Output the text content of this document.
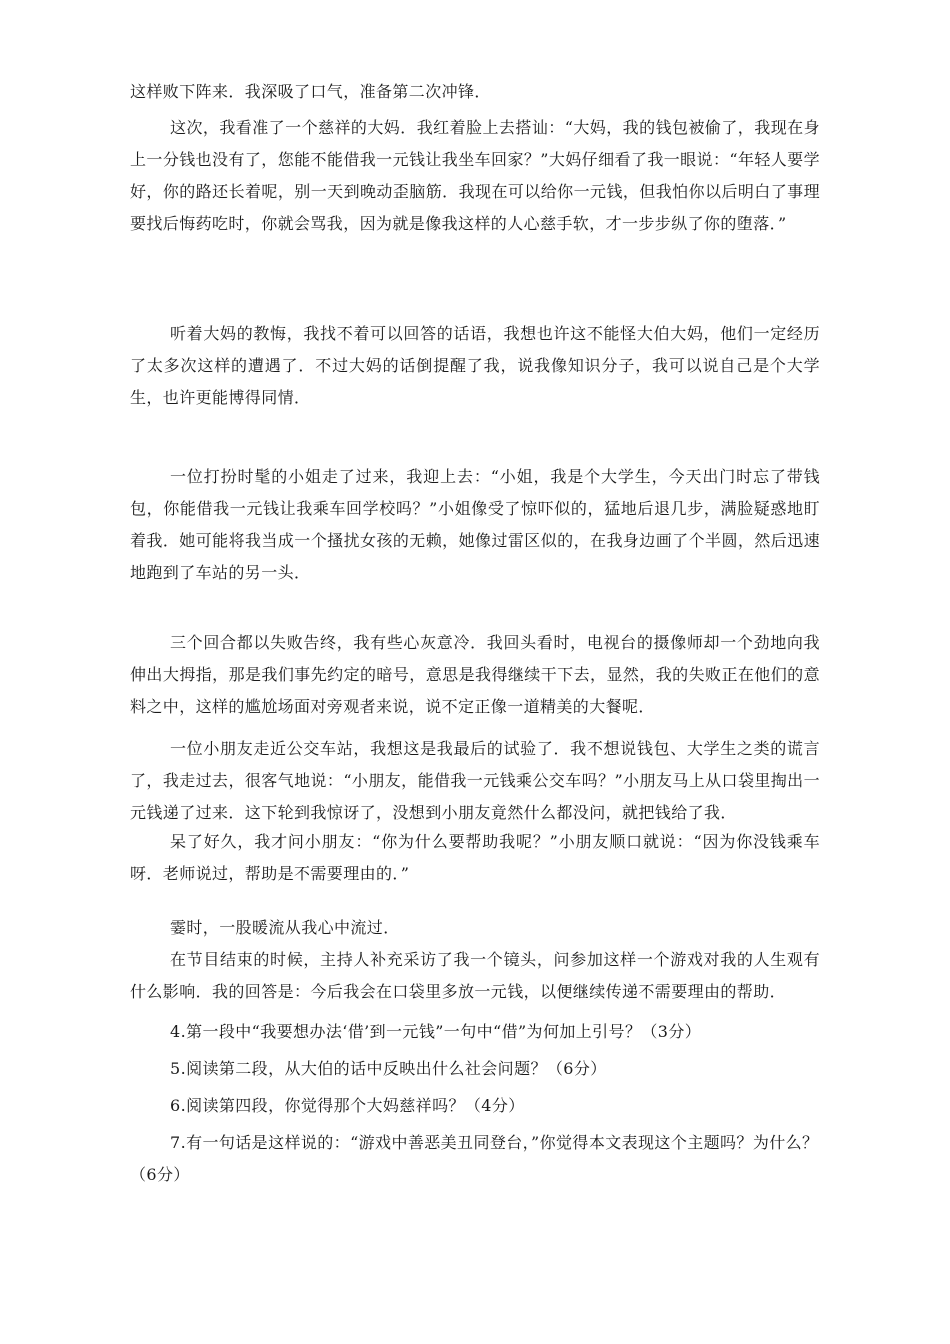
这样败下阵来．我深吸了口气，准备第二次冲锋．

这次，我看准了一个慈祥的大妈．我红着脸上去搭讪：“大妈，我的钱包被偷了，我现在身上一分钱也没有了，您能不能借我一元钱让我坐车回家？”大妈仔细看了我一眼说：“年轻人要学好，你的路还长着呢，别一天到晚动歪脑筋．我现在可以给你一元钱，但我怕你以后明白了事理要找后悔药吃时，你就会骂我，因为就是像我这样的人心慈手软，才一步步纵了你的堕落．”

听着大妈的教悔，我找不着可以回答的话语，我想也许这不能怪大伯大妈，他们一定经历了太多次这样的遭遇了．不过大妈的话倒提醒了我，说我像知识分子，我可以说自己是个大学生，也许更能博得同情．

一位打扮时髦的小姐走了过来，我迎上去：“小姐，我是个大学生，今天出门时忘了带钱包，你能借我一元钱让我乘车回学校吗？”小姐像受了惊吓似的，猛地后退几步，满脸疑惑地盯着我．她可能将我当成一个搔扰女孩的无赖，她像过雷区似的，在我身边画了个半圆，然后迅速地跑到了车站的另一头．

三个回合都以失败告终，我有些心灰意冷．我回头看时，电视台的摄像师却一个劲地向我伸出大拇指，那是我们事先约定的暗号，意思是我得继续干下去，显然，我的失败正在他们的意料之中，这样的尴尬场面对旁观者来说，说不定正像一道精美的大餐呢．

一位小朋友走近公交车站，我想这是我最后的试验了．我不想说钱包、大学生之类的谎言了，我走过去，很客气地说：“小朋友，能借我一元钱乘公交车吗？”小朋友马上从口袋里掏出一元钱递了过来．这下轮到我惊讶了，没想到小朋友竟然什么都没问，就把钱给了我．

呆了好久，我才问小朋友：“你为什么要帮助我呢？”小朋友顺口就说：“因为你没钱乘车呀．老师说过，帮助是不需要理由的．”

霎时，一股暖流从我心中流过．

在节目结束的时候，主持人补充采访了我一个镜头，问参加这样一个游戏对我的人生观有什么影响．我的回答是：今后我会在口袋里多放一元钱，以便继续传递不需要理由的帮助．

4.第一段中“我要想办法‘借’到一元钱”一句中“借”为何加上引号？（3分）

5.阅读第二段，从大伯的话中反映出什么社会问题？（6分）

6.阅读第四段，你觉得那个大妈慈祥吗？（4分）

7.有一句话是这样说的：“游戏中善恶美丑同登台，”你觉得本文表现这个主题吗？为什么？（6分）
